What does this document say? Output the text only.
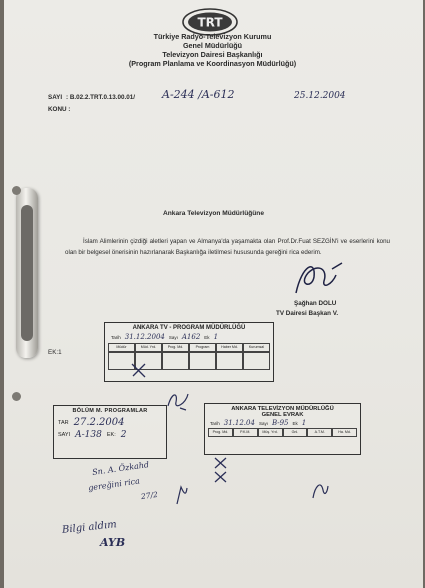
TRT
Türkiye Radyo-Televizyon Kurumu
Genel Müdürlüğü
Televizyon Dairesi Başkanlığı
(Program Planlama ve Koordinasyon Müdürlüğü)
SAYI : B.02.2.TRT.0.13.00.01/ A-244 /A-612	25.12.2004
KONU :
Ankara Televizyon Müdürlüğüne
İslam Alimlerinin çizdiği aletleri yapan ve Almanya'da yaşamakta olan Prof.Dr.Fuat SEZGİN'i ve eserlerini konu olan bir belgesel önerisinin hazırlanarak Başkanlığa iletilmesi hususunda gereğini rica ederim.
Şağhan DOLU
TV Dairesi Başkan V.
EK:1
ANKARA TV - PROGRAM MÜDÜRLÜĞÜ
Tarih 31.12.2004 Sayı A162 Ek 1
Müdür	Müd. Yrd.	Prog. Md.	Program	Haber Md.	Kurumsal
BÖLÜM M. PROGRAMLAR
TAR 27.2.2004
SAYI A-138 EK: 2
ANKARA TELEVİZYON MÜDÜRLÜĞÜ
GENEL EVRAK
Tarih 31.12.04 Sayı B-95 Ek 1
Prog. Md.	P.K.M.	Müş. Yrd.	Gnl.	A.T.M.	Ha. Md.
Sn. A. Özkahd
gereğini rica
27/2
Bilgi aldım
AYB
